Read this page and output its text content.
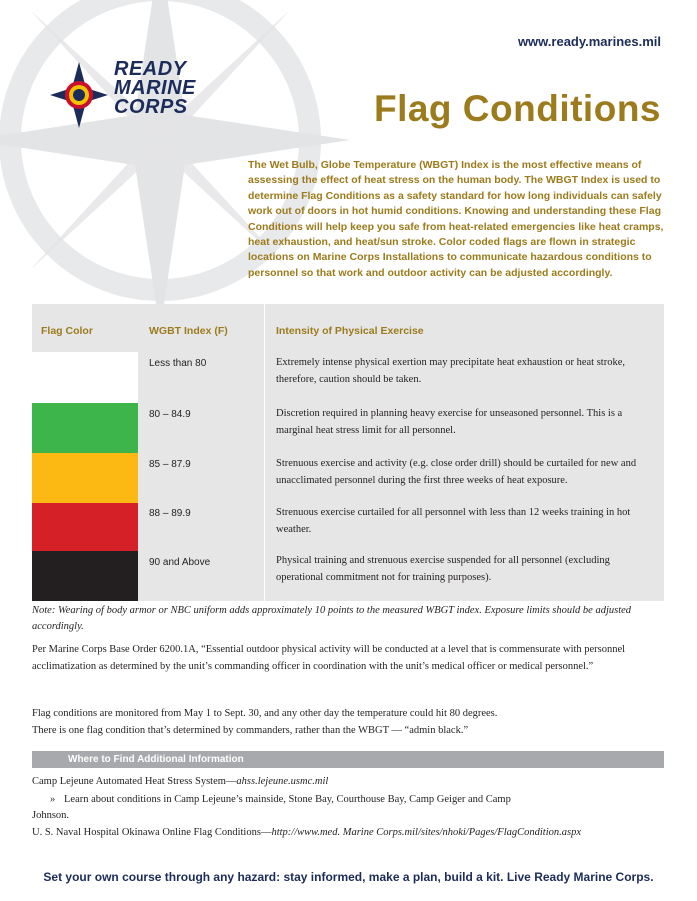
www.ready.marines.mil
READY
MARINE
CORPS	Flag Conditions
The Wet Bulb, Globe Temperature (WBGT) Index is the most effective means of assessing the effect of heat stress on the human body. The WBGT Index is used to determine Flag Conditions as a safety standard for how long individuals can safely work out of doors in hot humid conditions. Knowing and understanding these Flag Conditions will help keep you safe from heat-related emergencies like heat cramps, heat exhaustion, and heat/sun stroke. Color coded flags are flown in strategic locations on Marine Corps Installations to communicate hazardous conditions to personnel so that work and outdoor activity can be adjusted accordingly.
Flag Color	WGBT Index (F)	Intensity of Physical Exercise
Less than 80	Extremely intense physical exertion may precipitate heat exhaustion or heat stroke, therefore, caution should be taken.
80 – 84.9	Discretion required in planning heavy exercise for unseasoned personnel. This is a marginal heat stress limit for all personnel.
85 – 87.9	Strenuous exercise and activity (e.g. close order drill) should be curtailed for new and unacclimated personnel during the first three weeks of heat exposure.
88 – 89.9	Strenuous exercise curtailed for all personnel with less than 12 weeks training in hot weather.
90 and Above	Physical training and strenuous exercise suspended for all personnel (excluding operational commitment not for training purposes).
Note: Wearing of body armor or NBC uniform adds approximately 10 points to the measured WBGT index. Exposure limits should be adjusted accordingly.
Per Marine Corps Base Order 6200.1A, “Essential outdoor physical activity will be conducted at a level that is commensurate with personnel acclimatization as determined by the unit’s commanding officer in coordination with the unit’s medical officer or medical personnel.”
Flag conditions are monitored from May 1 to Sept. 30, and any other day the temperature could hit 80 degrees.
There is one flag condition that’s determined by commanders, rather than the WBGT — “admin black.”
Where to Find Additional Information
Camp Lejeune Automated Heat Stress System—ahss.lejeune.usmc.mil
» Learn about conditions in Camp Lejeune’s mainside, Stone Bay, Courthouse Bay, Camp Geiger and Camp
Johnson.
U. S. Naval Hospital Okinawa Online Flag Conditions—http://www.med. Marine Corps.mil/sites/nhoki/Pages/FlagCondition.aspx
Set your own course through any hazard: stay informed, make a plan, build a kit. Live Ready Marine Corps.
